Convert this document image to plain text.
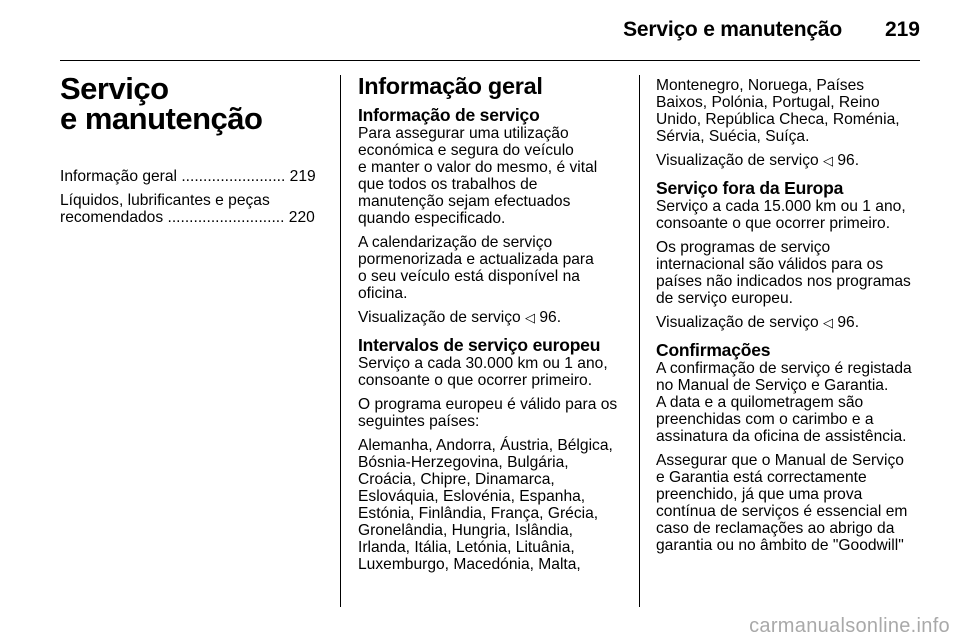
Serviço e manutenção 219
Serviço
e manutenção
Informação geral ........................ 219
Líquidos, lubrificantes e peças
recomendados ........................... 220
Informação geral
Informação de serviço

Para assegurar uma utilização
económica e segura do veículo
e manter o valor do mesmo, é vital
que todos os trabalhos de
manutenção sejam efectuados
quando especificado.

A calendarização de serviço
pormenorizada e actualizada para
o seu veículo está disponível na
oficina.

Visualização de serviço ◁ 96.

Intervalos de serviço europeu

Serviço a cada 30.000 km ou 1 ano,
consoante o que ocorrer primeiro.

O programa europeu é válido para os
seguintes países:

Alemanha, Andorra, Áustria, Bélgica,
Bósnia-Herzegovina, Bulgária,
Croácia, Chipre, Dinamarca,
Eslováquia, Eslovénia, Espanha,
Estónia, Finlândia, França, Grécia,
Gronelândia, Hungria, Islândia,
Irlanda, Itália, Letónia, Lituânia,
Luxemburgo, Macedónia, Malta,

Montenegro, Noruega, Países
Baixos, Polónia, Portugal, Reino
Unido, República Checa, Roménia,
Sérvia, Suécia, Suíça.

Visualização de serviço ◁ 96.

Serviço fora da Europa

Serviço a cada 15.000 km ou 1 ano,
consoante o que ocorrer primeiro.

Os programas de serviço
internacional são válidos para os
países não indicados nos programas
de serviço europeu.

Visualização de serviço ◁ 96.

Confirmações

A confirmação de serviço é registada
no Manual de Serviço e Garantia.
A data e a quilometragem são
preenchidas com o carimbo e a
assinatura da oficina de assistência.

Assegurar que o Manual de Serviço
e Garantia está correctamente
preenchido, já que uma prova
contínua de serviços é essencial em
caso de reclamações ao abrigo da
garantia ou no âmbito de "Goodwill"

carmanualsonline.info
